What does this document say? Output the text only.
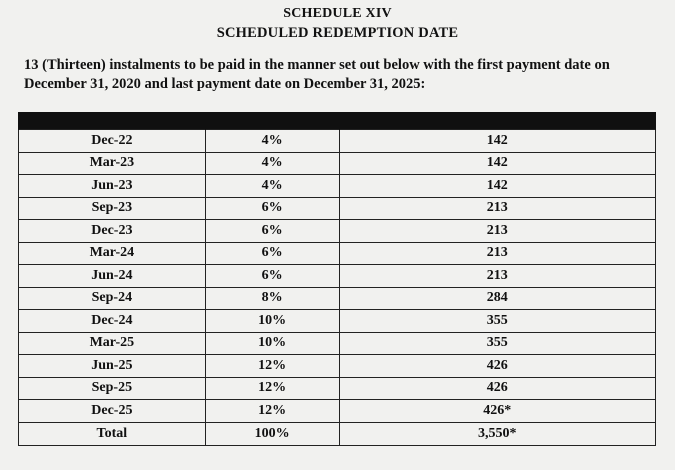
SCHEDULE XIV
SCHEDULED REDEMPTION DATE
13 (Thirteen) instalments to be paid in the manner set out below with the first payment date on December 31, 2020 and last payment date on December 31, 2025:

Dec-22	4%	142
Mar-23	4%	142
Jun-23	4%	142
Sep-23	6%	213
Dec-23	6%	213
Mar-24	6%	213
Jun-24	6%	213
Sep-24	8%	284
Dec-24	10%	355
Mar-25	10%	355
Jun-25	12%	426
Sep-25	12%	426
Dec-25	12%	426*
Total	100%	3,550*
